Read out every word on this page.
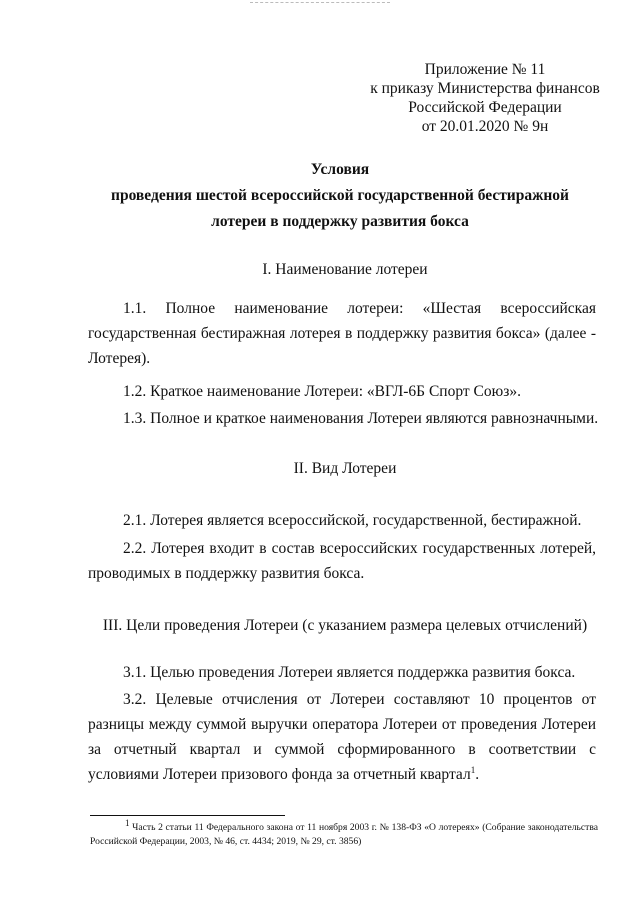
Приложение № 11
к приказу Министерства финансов
Российской Федерации
от 20.01.2020 № 9н
Условия
проведения шестой всероссийской государственной бестиражной
лотереи в поддержку развития бокса
I. Наименование лотереи
1.1. Полное наименование лотереи: «Шестая всероссийская государственная бестиражная лотерея в поддержку развития бокса» (далее - Лотерея).
1.2. Краткое наименование Лотереи: «ВГЛ-6Б Спорт Союз».
1.3. Полное и краткое наименования Лотереи являются равнозначными.
II. Вид Лотереи
2.1. Лотерея является всероссийской, государственной, бестиражной.
2.2. Лотерея входит в состав всероссийских государственных лотерей, проводимых в поддержку развития бокса.
III. Цели проведения Лотереи (с указанием размера целевых отчислений)
3.1. Целью проведения Лотереи является поддержка развития бокса.
3.2. Целевые отчисления от Лотереи составляют 10 процентов от разницы между суммой выручки оператора Лотереи от проведения Лотереи за отчетный квартал и суммой сформированного в соответствии с условиями Лотереи призового фонда за отчетный квартал$^1$.
$^1$ Часть 2 статьи 11 Федерального закона от 11 ноября 2003 г. № 138-ФЗ «О лотереях» (Собрание законодательства Российской Федерации, 2003, № 46, ст. 4434; 2019, № 29, ст. 3856)
